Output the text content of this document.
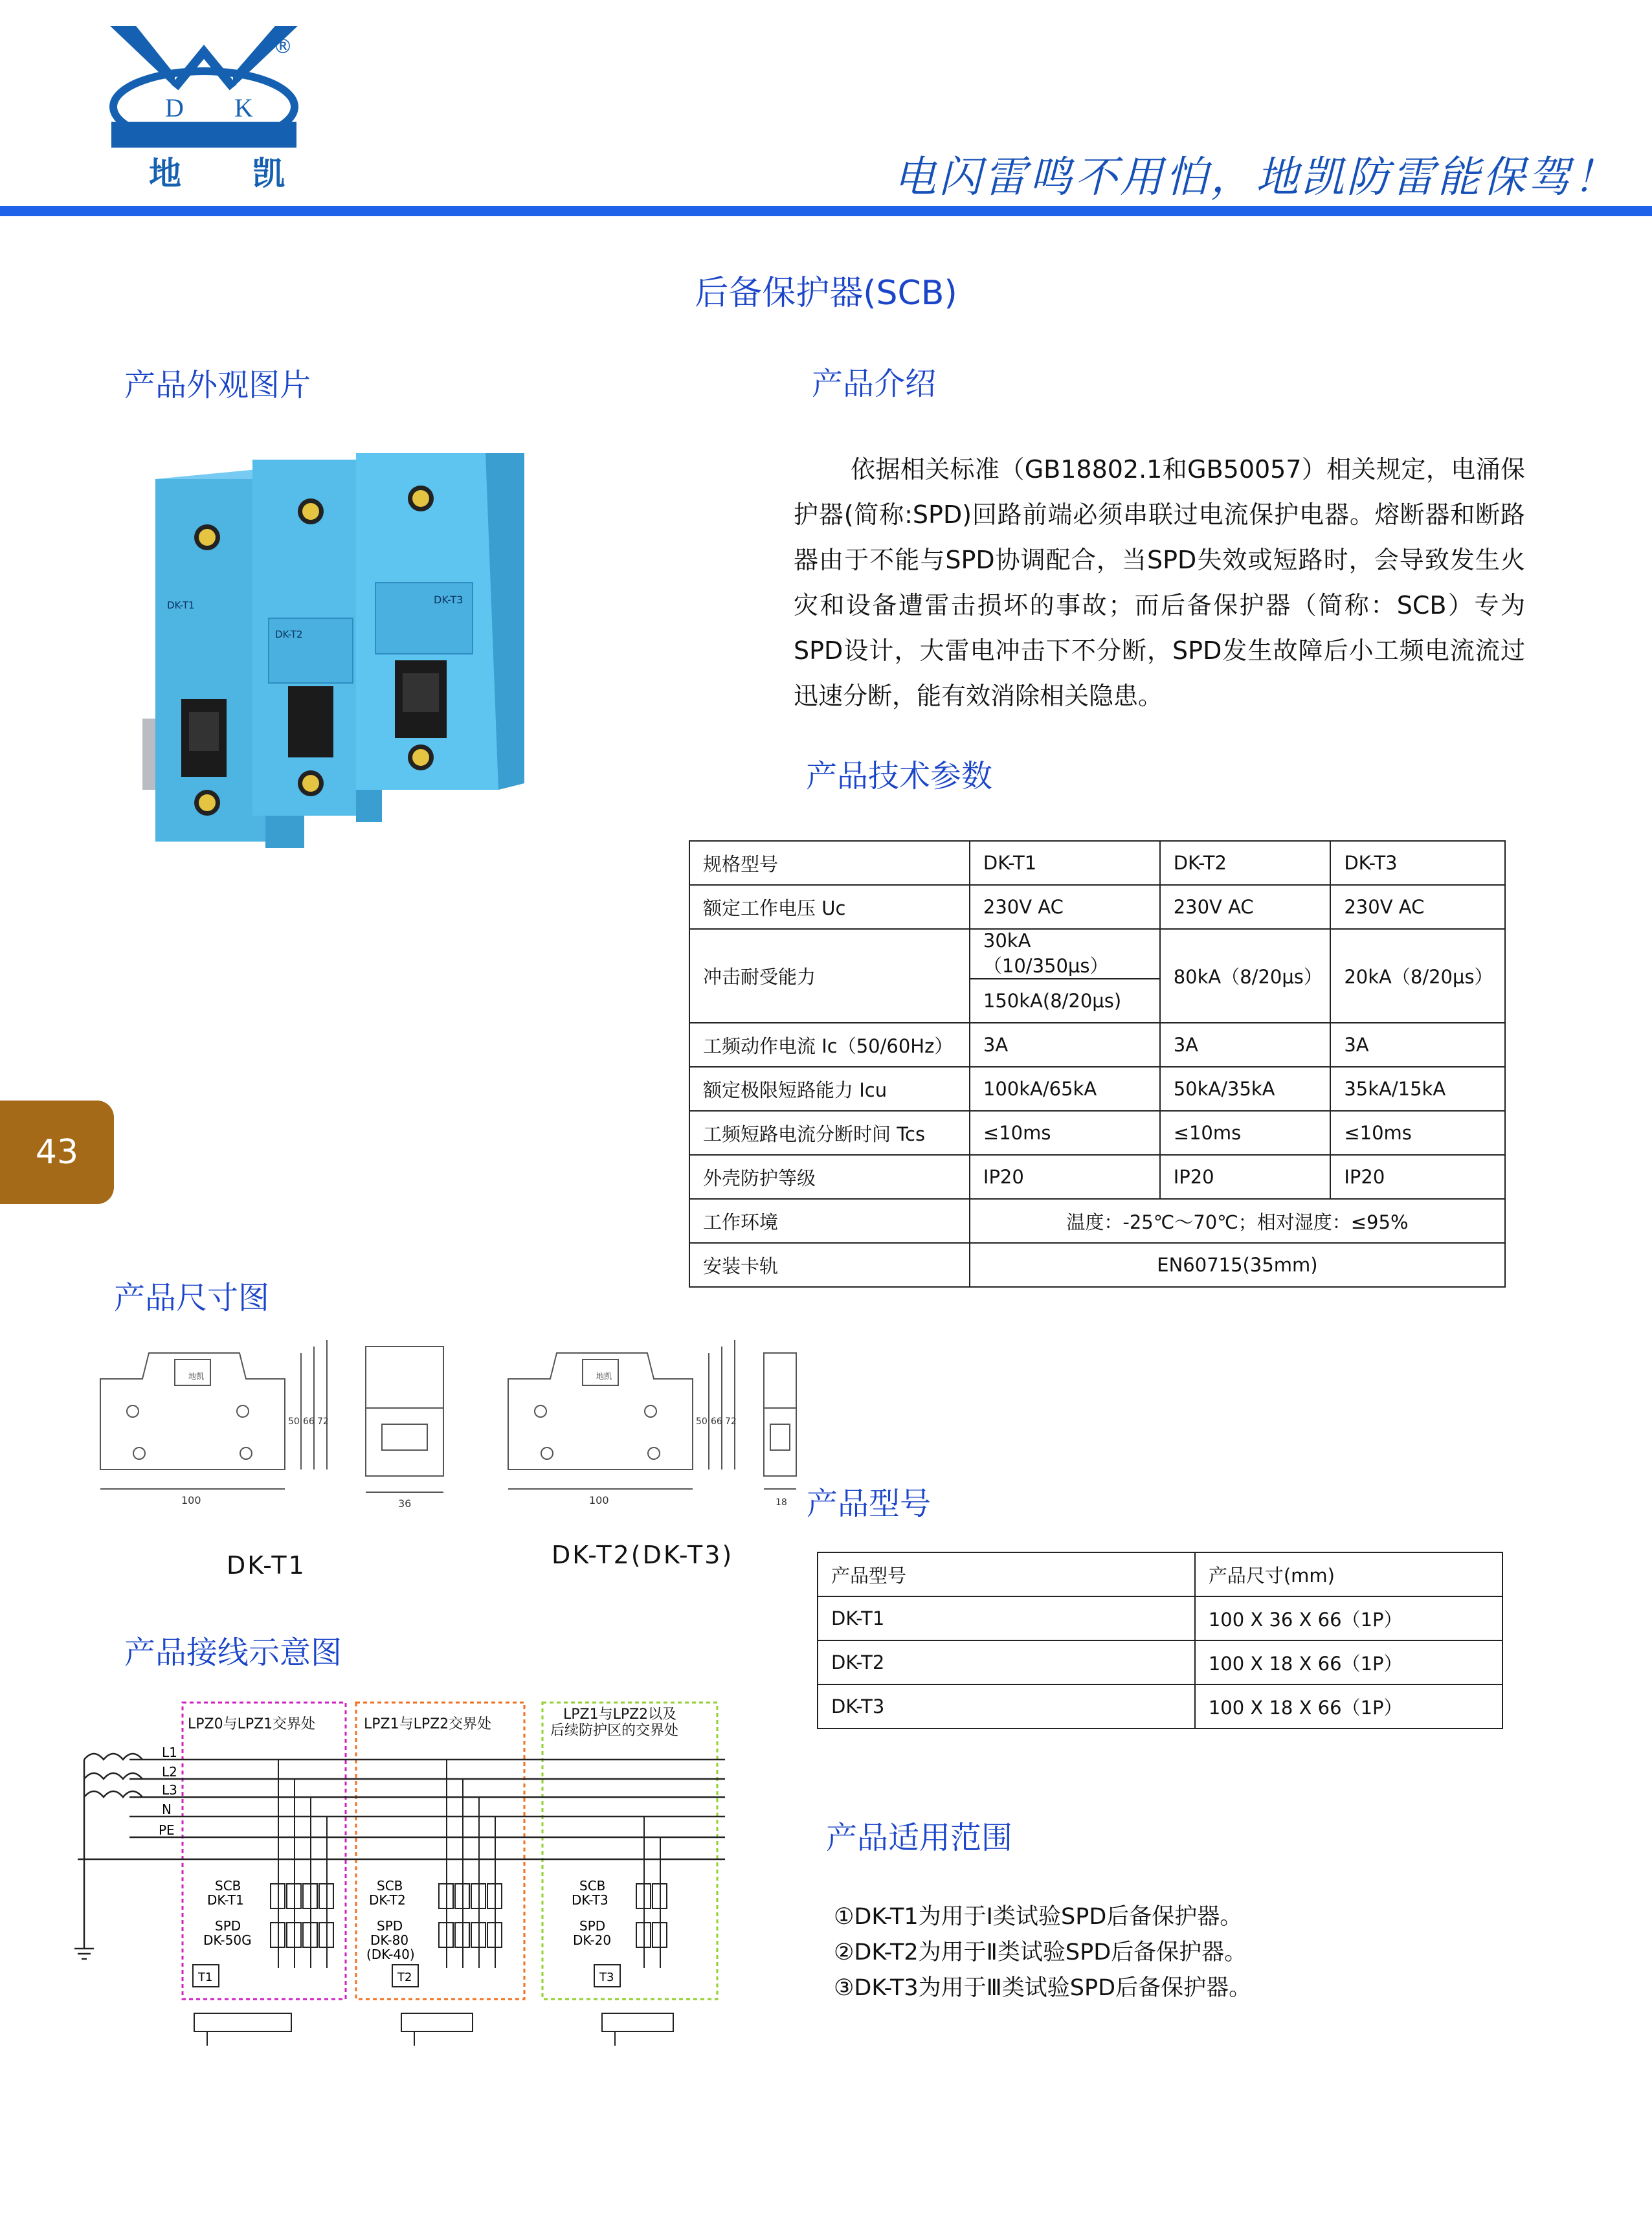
D K
®
地凯	电闪雷鸣不用怕，地凯防雷能保驾！
后备保护器(SCB)
产品外观图片
DK-T2
DK-T3
DK-T1
产品介绍
依据相关标准（GB18802.1和GB50057）相关规定，电涌保护器(简称:SPD)回路前端必须串联过电流保护电器。熔断器和断路器由于不能与SPD协调配合，当SPD失效或短路时，会导致发生火灾和设备遭雷击损坏的事故；而后备保护器（简称：SCB）专为SPD设计，大雷电冲击下不分断，SPD发生故障后小工频电流流过迅速分断，能有效消除相关隐患。
产品技术参数
规格型号	DK-T1	DK-T2	DK-T3
额定工作电压 Uc	230V AC	230V AC	230V AC
冲击耐受能力	30kA（10/350μs）	80kA（8/20μs）	20kA（8/20μs）
	150kA(8/20μs)		
工频动作电流 Ic（50/60Hz）	3A	3A	3A
额定极限短路能力 Icu	100kA/65kA	50kA/35kA	35kA/15kA
工频短路电流分断时间 Tcs	≤10ms	≤10ms	≤10ms
外壳防护等级	IP20	IP20	IP20
工作环境	温度：-25℃～70℃；相对湿度：≤95%		
安装卡轨	EN60715(35mm)		
43
产品尺寸图
100
地凯
50 66 72
36	100
地凯
50 66 72
18
DK-T1	DK-T2(DK-T3)
产品型号
产品型号	产品尺寸(mm)
DK-T1	100 X 36 X 66（1P）
DK-T2	100 X 18 X 66（1P）
DK-T3	100 X 18 X 66（1P）
产品接线示意图
LPZ0与LPZ1交界处	LPZ1与LPZ2交界处
LPZ1与LPZ2以及
后续防护区的交界处
L1
L2
L3
N
PE
SCB
DK-T1
SPD
DK-50G
T1
SCB
DK-T2
SPD
DK-80
(DK-40)
T2
SCB
DK-T3
SPD
DK-20
T3
产品适用范围
①DK-T1为用于Ⅰ类试验SPD后备保护器。
②DK-T2为用于Ⅱ类试验SPD后备保护器。
③DK-T3为用于Ⅲ类试验SPD后备保护器。
